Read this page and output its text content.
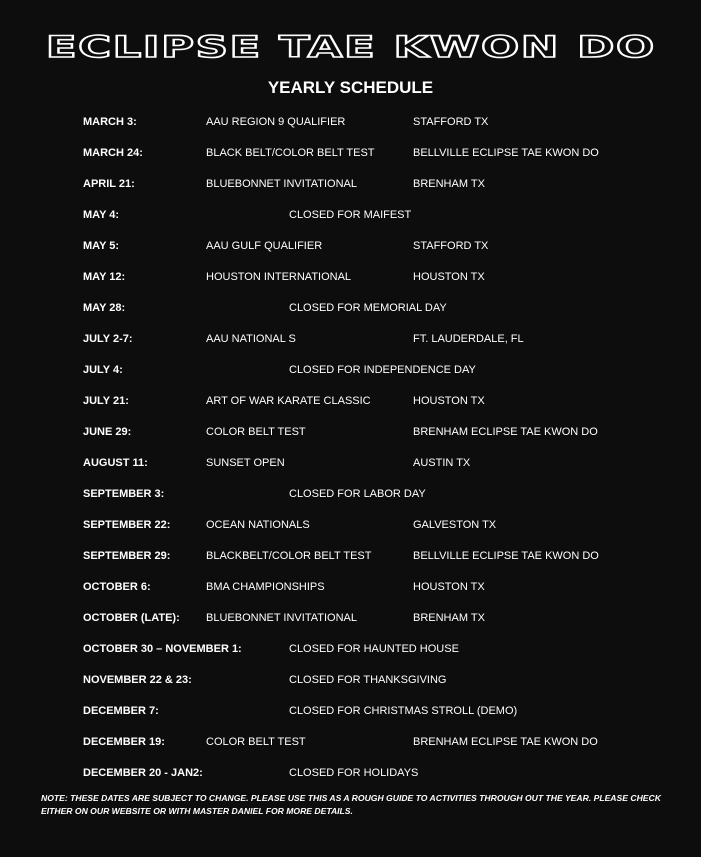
ECLIPSE TAE KWON DO
YEARLY SCHEDULE
MARCH 3:	AAU REGION 9 QUALIFIER	STAFFORD TX
MARCH 24:	BLACK BELT/COLOR BELT TEST	BELLVILLE ECLIPSE TAE KWON DO
APRIL 21:	BLUEBONNET INVITATIONAL	BRENHAM TX
MAY 4:	CLOSED FOR MAIFEST
MAY 5:	AAU GULF QUALIFIER	STAFFORD TX
MAY 12:	HOUSTON INTERNATIONAL	HOUSTON TX
MAY 28:	CLOSED FOR MEMORIAL DAY
JULY 2-7:	AAU NATIONAL S	FT. LAUDERDALE, FL
JULY 4:	CLOSED FOR INDEPENDENCE DAY
JULY 21:	ART OF WAR KARATE CLASSIC	HOUSTON TX
JUNE 29:	COLOR BELT TEST	BRENHAM ECLIPSE TAE KWON DO
AUGUST 11:	SUNSET OPEN	AUSTIN TX
SEPTEMBER 3:	CLOSED FOR LABOR DAY
SEPTEMBER 22:	OCEAN NATIONALS	GALVESTON TX
SEPTEMBER 29:	BLACKBELT/COLOR BELT TEST	BELLVILLE ECLIPSE TAE KWON DO
OCTOBER 6:	BMA CHAMPIONSHIPS	HOUSTON TX
OCTOBER (LATE): BLUEBONNET INVITATIONAL	BRENHAM TX
OCTOBER 30 – NOVEMBER 1:	CLOSED FOR HAUNTED HOUSE
NOVEMBER 22 & 23:	CLOSED FOR THANKSGIVING
DECEMBER 7:	CLOSED FOR CHRISTMAS STROLL (DEMO)
DECEMBER 19:	COLOR BELT TEST	BRENHAM ECLIPSE TAE KWON DO
DECEMBER 20 - JAN2:	CLOSED FOR HOLIDAYS
NOTE: THESE DATES ARE SUBJECT TO CHANGE. PLEASE USE THIS AS A ROUGH GUIDE TO ACTIVITIES THROUGH OUT THE YEAR. PLEASE CHECK EITHER ON OUR WEBSITE OR WITH MASTER DANIEL FOR MORE DETAILS.
